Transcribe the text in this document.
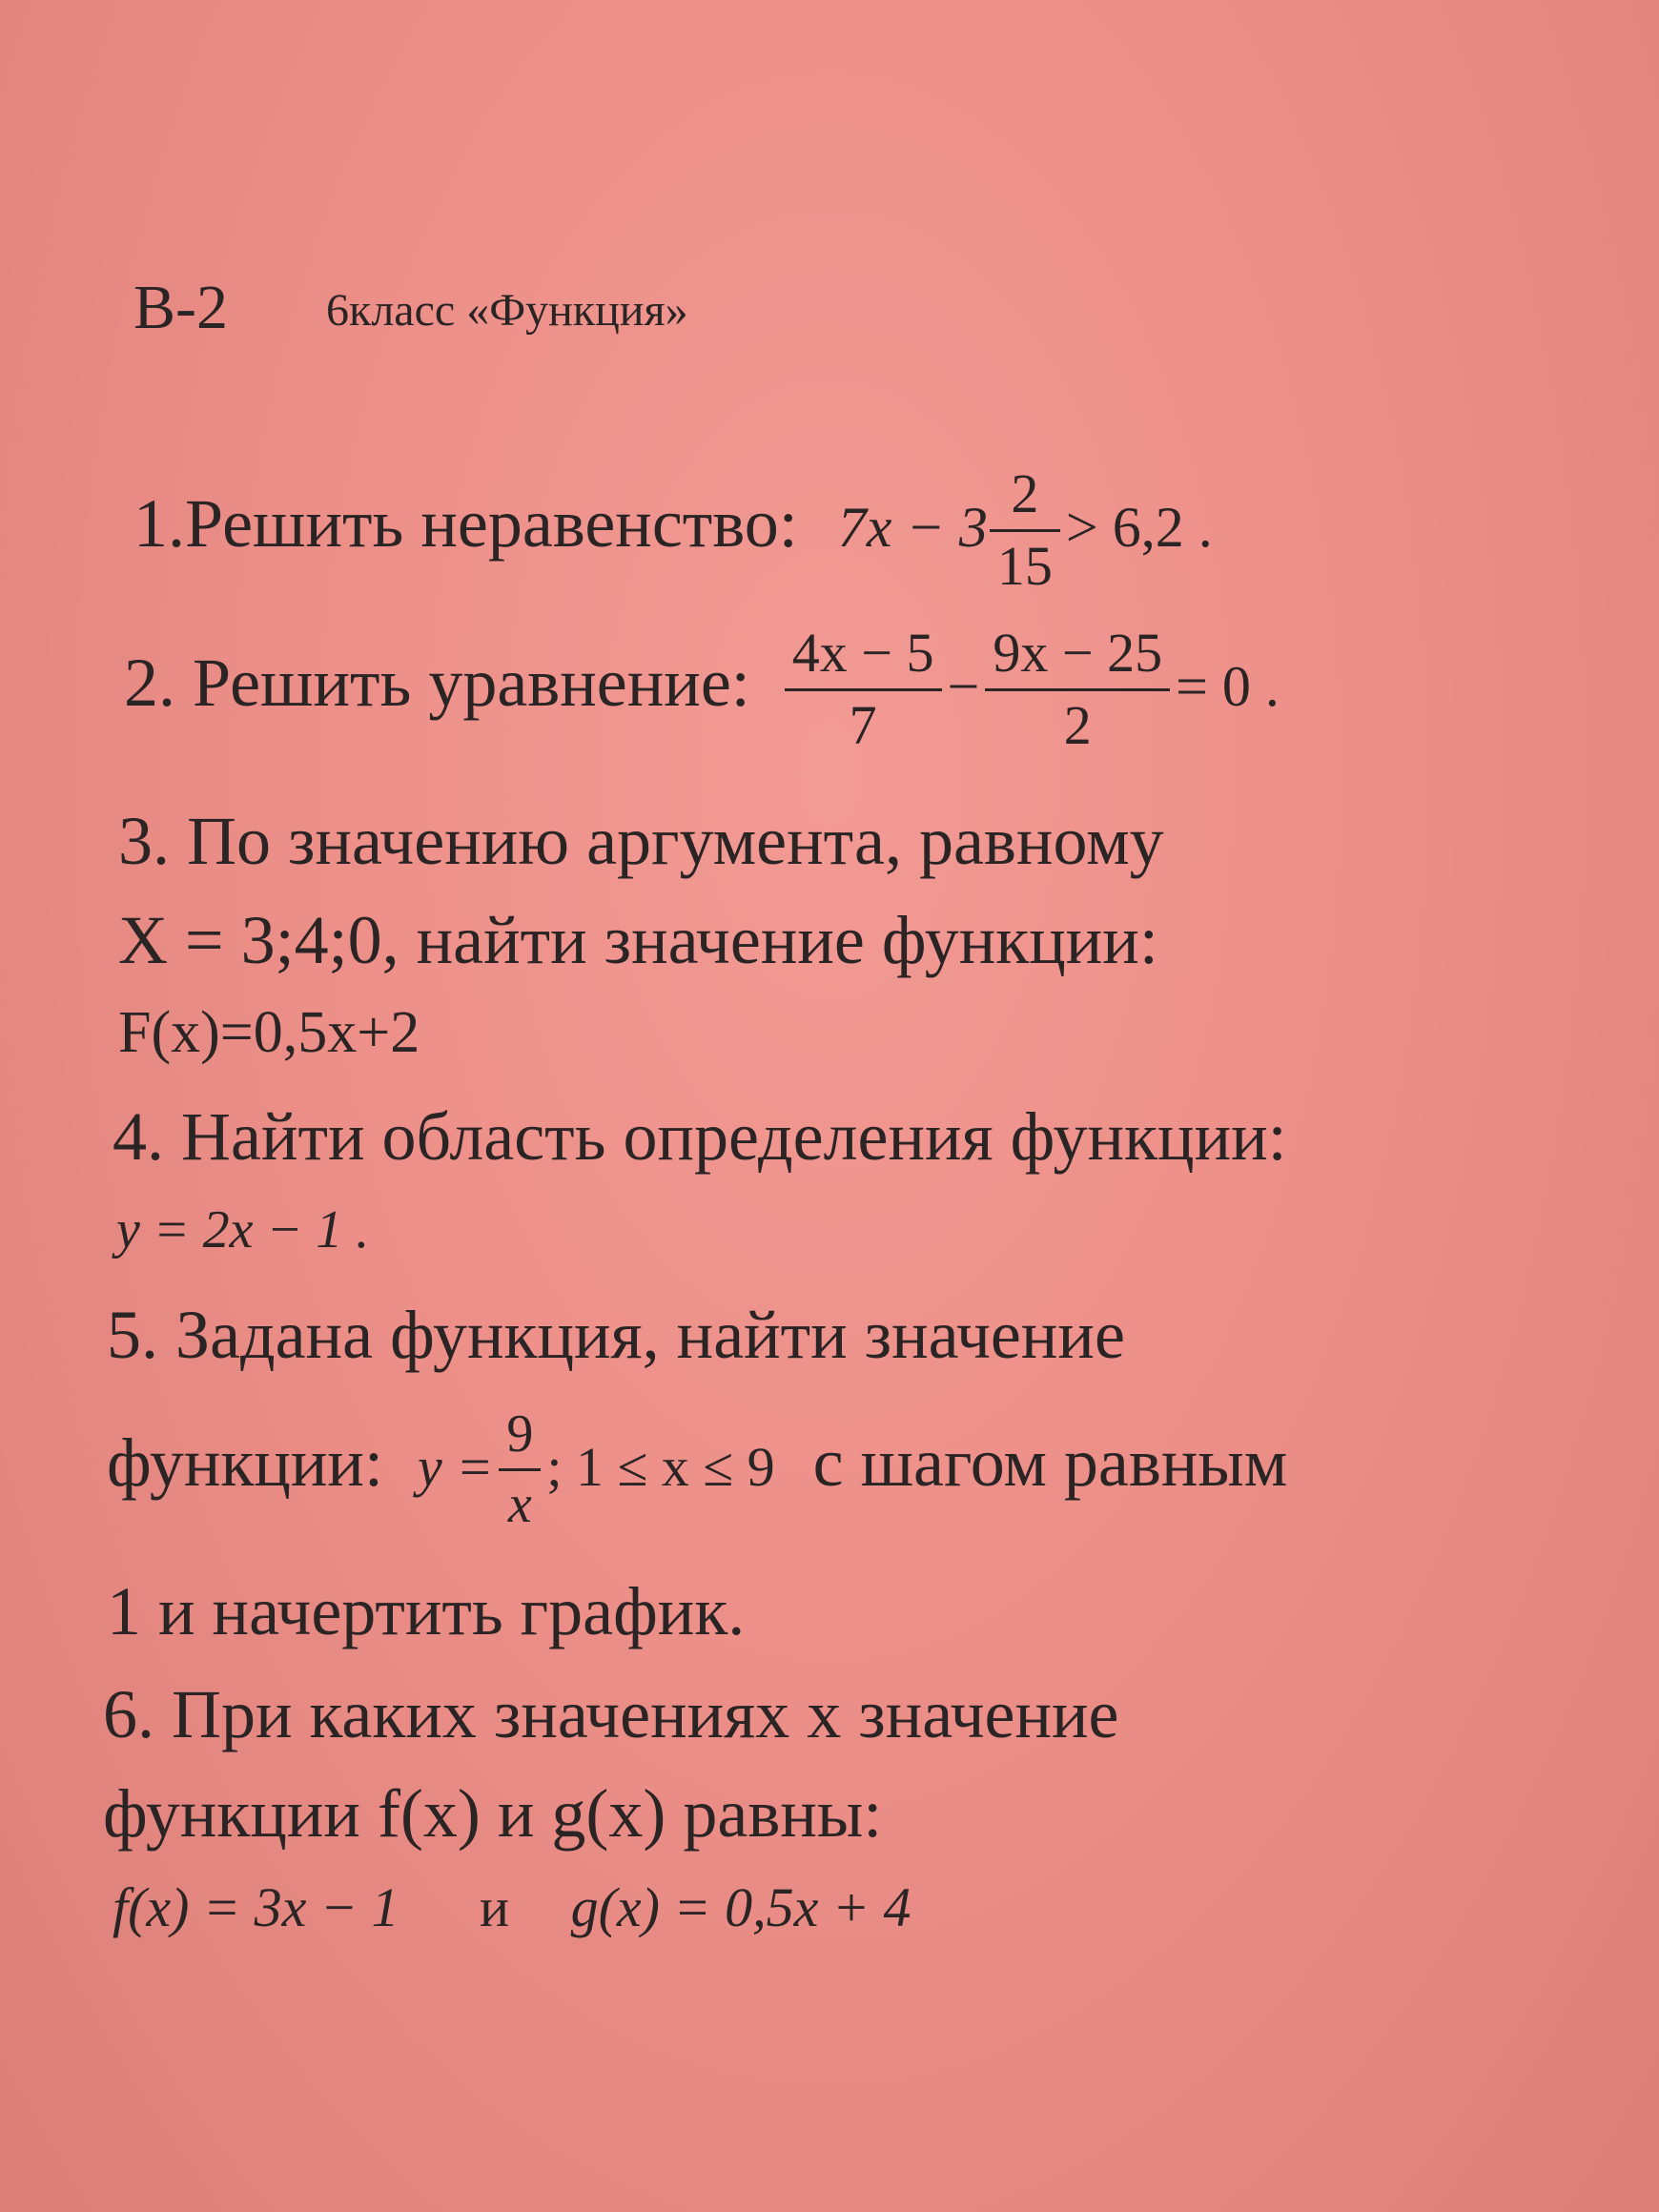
В-2 6класс «Функция»
1.Решить неравенство: $7x - 3 \frac{2}{15} > 6,2$ .
2. Решить уравнение: $\frac{4x - 5}{7} - \frac{9x - 25}{2} = 0$ .
3. По значению аргумента, равному
X = 3;4;0, найти значение функции:
F(x)=0,5x+2
4. Найти область определения функции:
y = 2x − 1 .
5. Задана функция, найти значение
функции: $y = \frac{9}{x}$ ; 1 ≤ x ≤ 9 с шагом равным
1 и начертить график.
6. При каких значениях x значение
функции f(x) и g(x) равны:
f(x) = 3x − 1 и g(x) = 0,5x + 4
